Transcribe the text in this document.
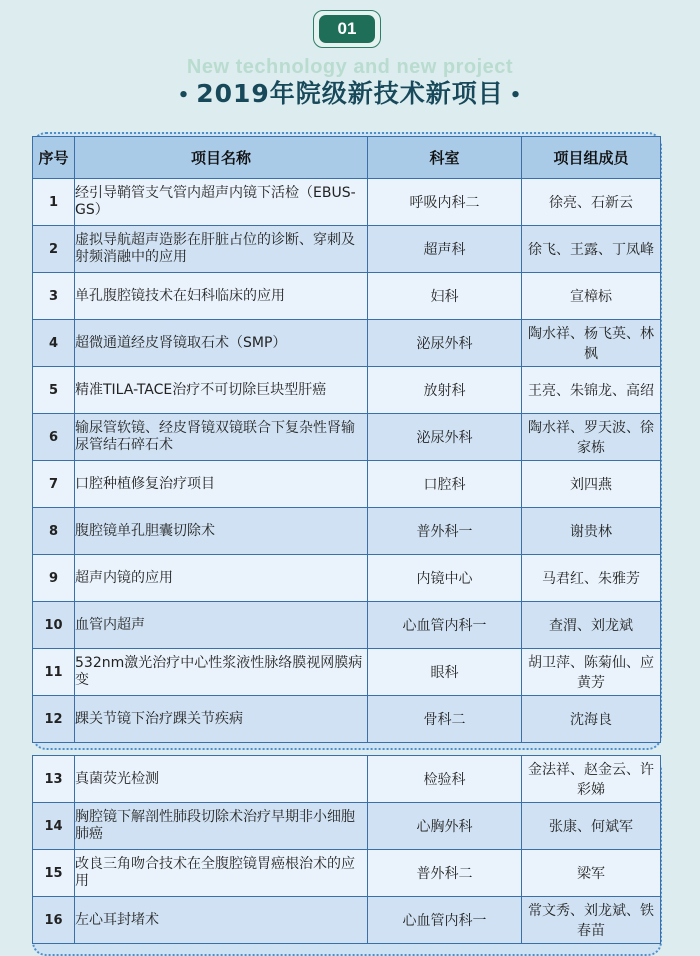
01
New technology and new project
• 2019年院级新技术新项目 •
序号	项目名称	科室	项目组成员
1	经引导鞘管支气管内超声内镜下活检（EBUS-GS）	呼吸内科二	徐亮、石新云
2	虚拟导航超声造影在肝脏占位的诊断、穿刺及射频消融中的应用	超声科	徐飞、王露、丁凤峰
3	单孔腹腔镜技术在妇科临床的应用	妇科	宣樟标
4	超微通道经皮肾镜取石术（SMP）	泌尿外科	陶水祥、杨飞英、林枫
5	精准TILA-TACE治疗不可切除巨块型肝癌	放射科	王亮、朱锦龙、高绍
6	输尿管软镜、经皮肾镜双镜联合下复杂性肾输尿管结石碎石术	泌尿外科	陶水祥、罗天波、徐家栋
7	口腔种植修复治疗项目	口腔科	刘四燕
8	腹腔镜单孔胆囊切除术	普外科一	谢贵林
9	超声内镜的应用	内镜中心	马君红、朱雅芳
10	血管内超声	心血管内科一	查渭、刘龙斌
11	532nm激光治疗中心性浆液性脉络膜视网膜病变	眼科	胡卫萍、陈菊仙、应黄芳
12	踝关节镜下治疗踝关节疾病	骨科二	沈海良
13	真菌荧光检测	检验科	金法祥、赵金云、许彩娣
14	胸腔镜下解剖性肺段切除术治疗早期非小细胞肺癌	心胸外科	张康、何斌军
15	改良三角吻合技术在全腹腔镜胃癌根治术的应用	普外科二	梁军
16	左心耳封堵术	心血管内科一	常文秀、刘龙斌、铁春苗
